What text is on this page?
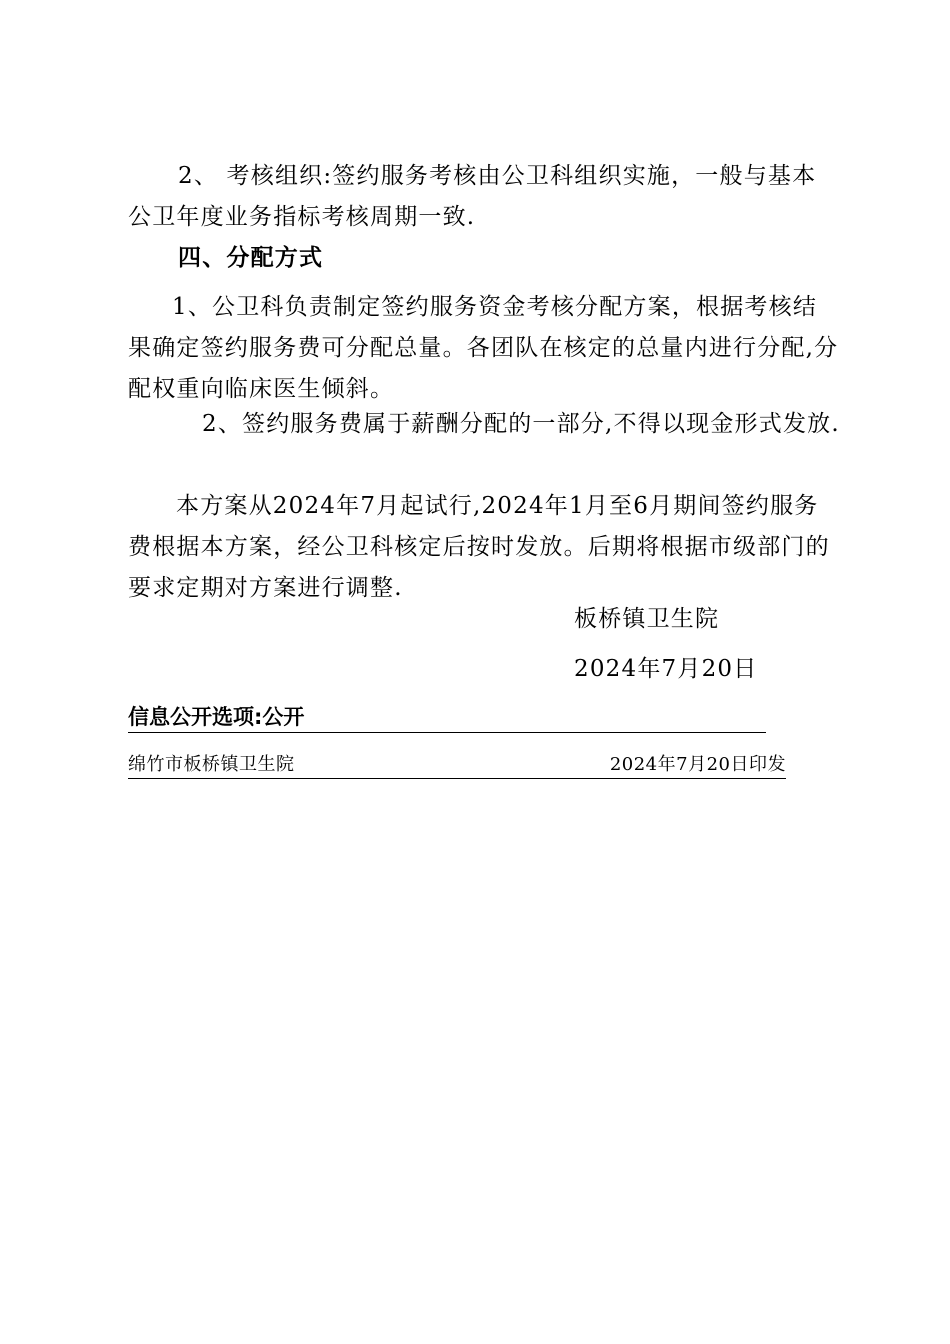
2、 考核组织:签约服务考核由公卫科组织实施，一般与基本公卫年度业务指标考核周期一致.

四、分配方式

1、公卫科负责制定签约服务资金考核分配方案，根据考核结果确定签约服务费可分配总量。各团队在核定的总量内进行分配,分配权重向临床医生倾斜。

2、签约服务费属于薪酬分配的一部分,不得以现金形式发放.

本方案从2024年7月起试行,2024年1月至6月期间签约服务费根据本方案，经公卫科核定后按时发放。后期将根据市级部门的要求定期对方案进行调整.

板桥镇卫生院

2024年7月20日

信息公开选项:公开
绵竹市板桥镇卫生院	2024年7月20日印发
